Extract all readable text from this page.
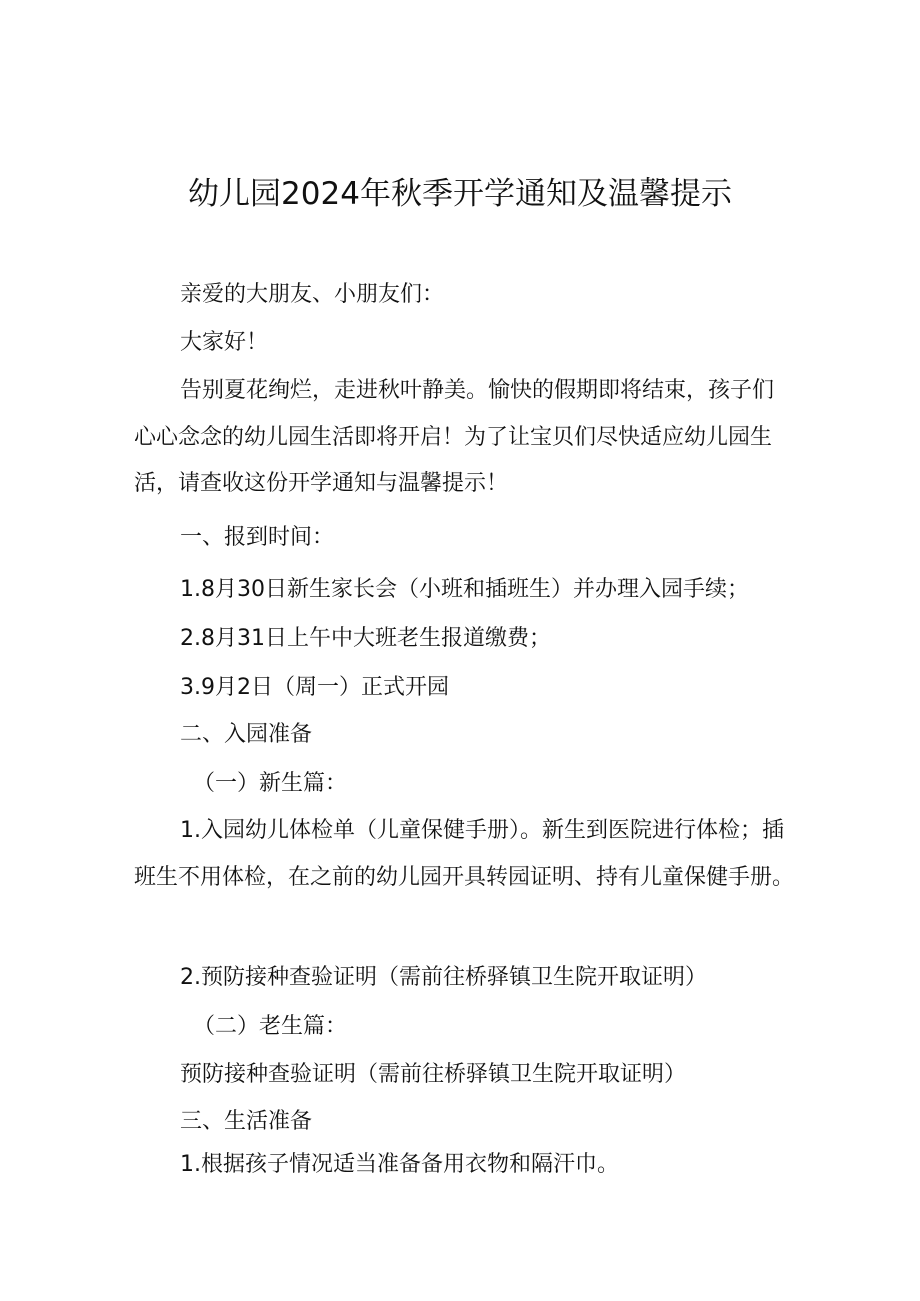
幼儿园2024年秋季开学通知及温馨提示
亲爱的大朋友、小朋友们：
大家好！
告别夏花绚烂，走进秋叶静美。愉快的假期即将结束，孩子们心心念念的幼儿园生活即将开启！为了让宝贝们尽快适应幼儿园生活，请查收这份开学通知与温馨提示！
一、报到时间：
1.8月30日新生家长会（小班和插班生）并办理入园手续；
2.8月31日上午中大班老生报道缴费；
3.9月2日（周一）正式开园
二、入园准备
（一）新生篇：
1.入园幼儿体检单（儿童保健手册）。新生到医院进行体检；插班生不用体检，在之前的幼儿园开具转园证明、持有儿童保健手册。
2.预防接种查验证明（需前往桥驿镇卫生院开取证明）
（二）老生篇：
预防接种查验证明（需前往桥驿镇卫生院开取证明）
三、生活准备
1.根据孩子情况适当准备备用衣物和隔汗巾。
